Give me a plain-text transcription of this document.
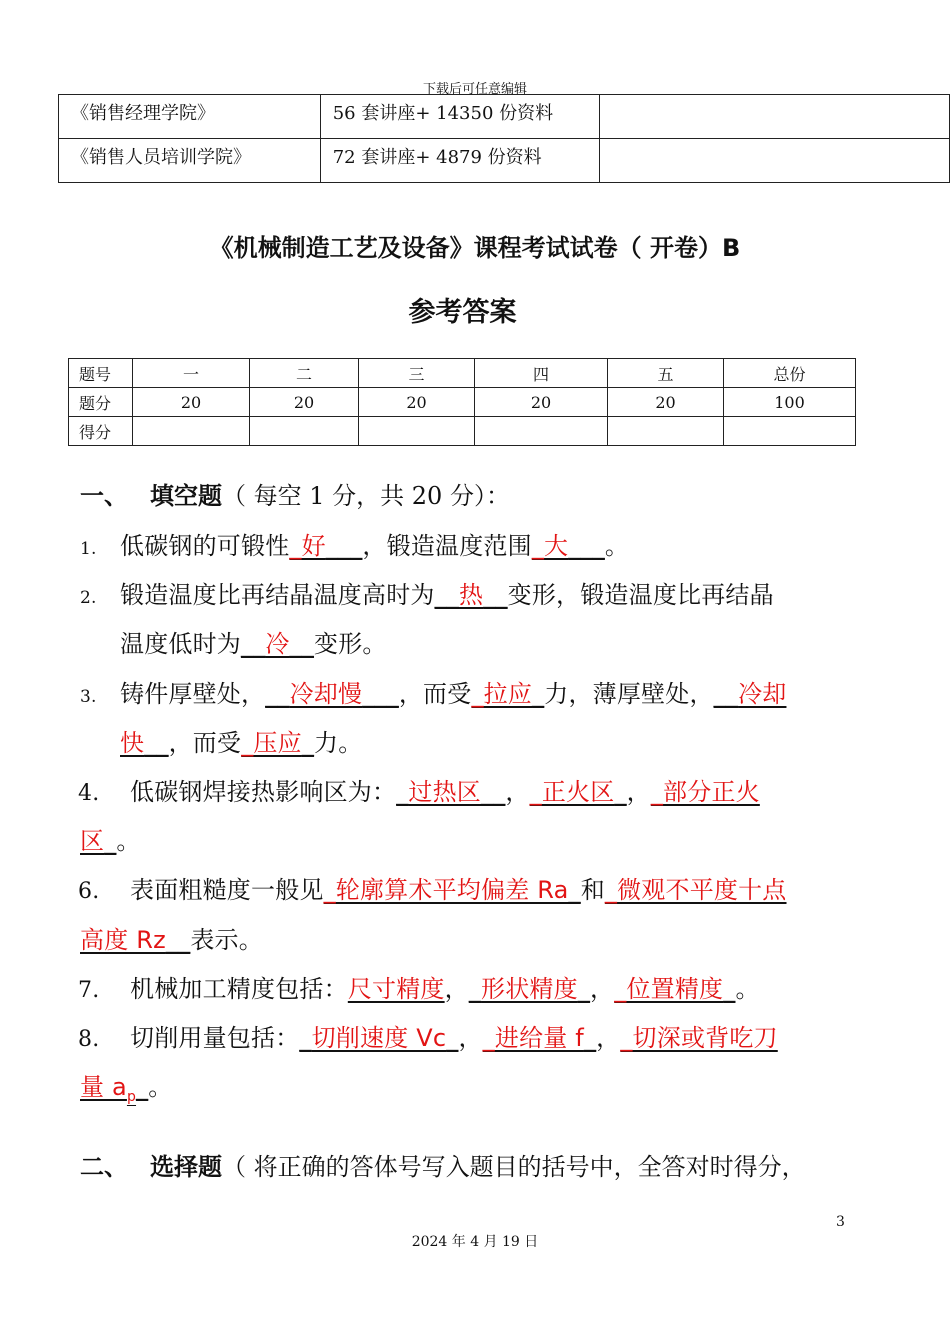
下载后可任意编辑
《销售经理学院》	56 套讲座+ 14350 份资料	
《销售人员培训学院》	72 套讲座+ 4879 份资料	
《机械制造工艺及设备》课程考试试卷（ 开卷）B
参考答案
题号	一	二	三	四	五	总份
题分	20	20	20	20	20	100
得分						
一、 填空题（ 每空 1 分，共 20 分）：
1. 低碳钢的可锻性_好___，锻造温度范围_大___。
2. 锻造温度比再结晶温度高时为__热__变形，锻造温度比再结晶
温度低时为__冷__变形。
3. 铸件厚壁处，__冷却慢___，而受_拉应_力，薄厚壁处，__冷却
快__，而受_压应_力。
4. 低碳钢焊接热影响区为：_过热区__，_正火区_，_部分正火
区_。
6. 表面粗糙度一般见_轮廓算术平均偏差 Ra_和_微观不平度十点
高度 Rz__表示。
7. 机械加工精度包括：尺寸精度，_形状精度_，_位置精度_。
8. 切削用量包括：_切削速度 Vc_，_进给量 f_，_切深或背吃刀
量 $a_p\_$。
二、 选择题（ 将正确的答体号写入题目的括号中，全答对时得分，
3
2024 年 4 月 19 日
